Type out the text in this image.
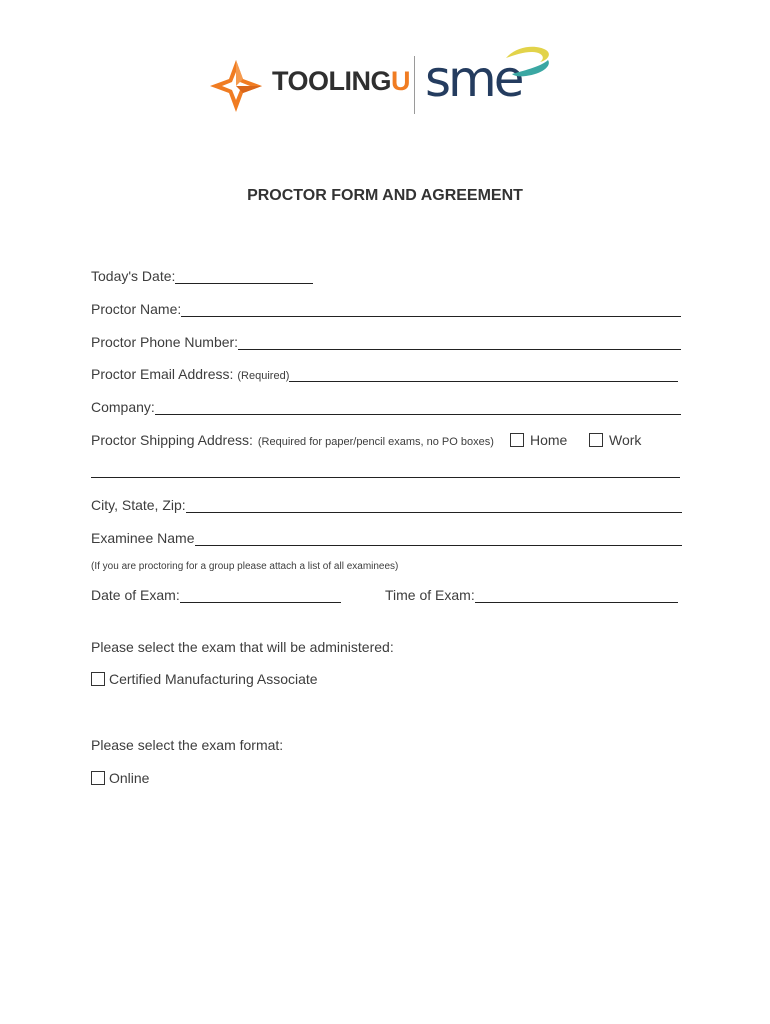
TOOLINGU sme
PROCTOR FORM AND AGREEMENT
Today's Date:
Proctor Name:
Proctor Phone Number:
Proctor Email Address: (Required)
Company:
Proctor Shipping Address: (Required for paper/pencil exams, no PO boxes)	Home	Work
City, State, Zip:
Examinee Name
(If you are proctoring for a group please attach a list of all examinees)
Date of Exam:	Time of Exam:
Please select the exam that will be administered:
Certified Manufacturing Associate
Please select the exam format:
Online
